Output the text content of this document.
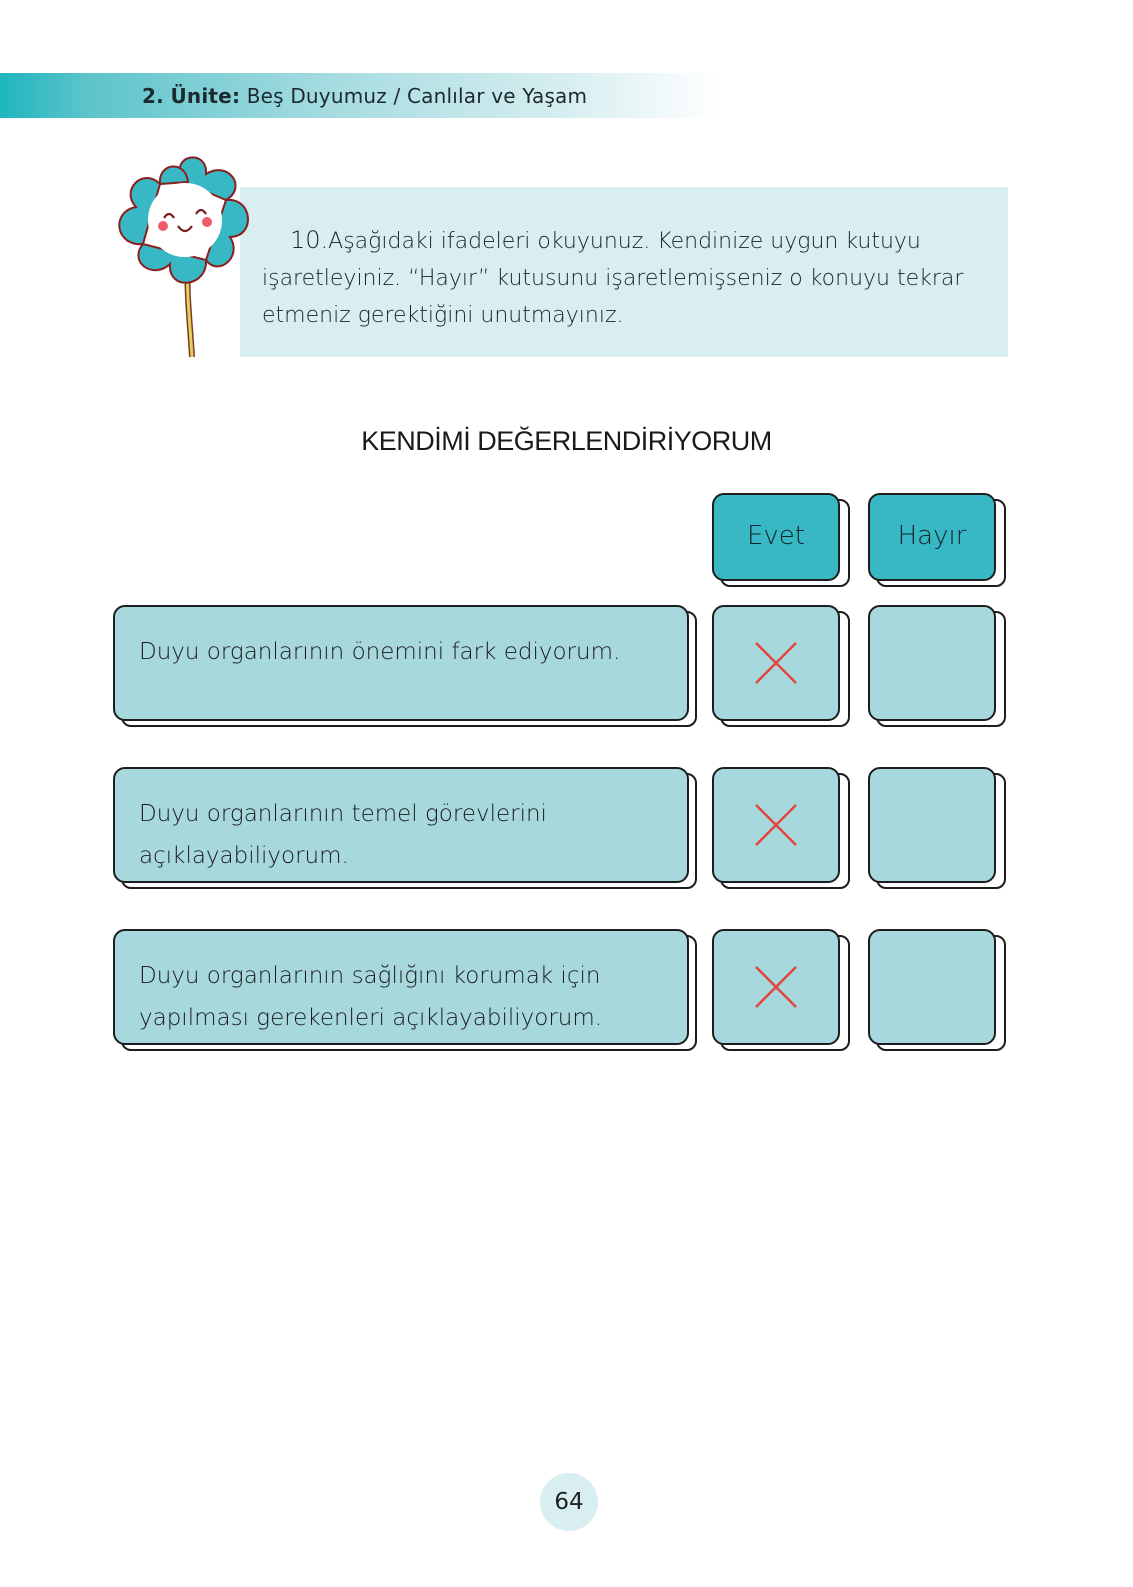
2. Ünite: Beş Duyumuz / Canlılar ve Yaşam
10.Aşağıdaki ifadeleri okuyunuz. Kendinize uygun kutuyu işaretleyiniz. “Hayır” kutusunu işaretlemişseniz o konuyu tekrar etmeniz gerektiğini unutmayınız.
KENDİMİ DEĞERLENDİRİYORUM
Evet	Hayır
Duyu organlarının önemini fark ediyorum.
Duyu organlarının temel görevlerini açıklayabiliyorum.
Duyu organlarının sağlığını korumak için yapılması gerekenleri açıklayabiliyorum.
64
